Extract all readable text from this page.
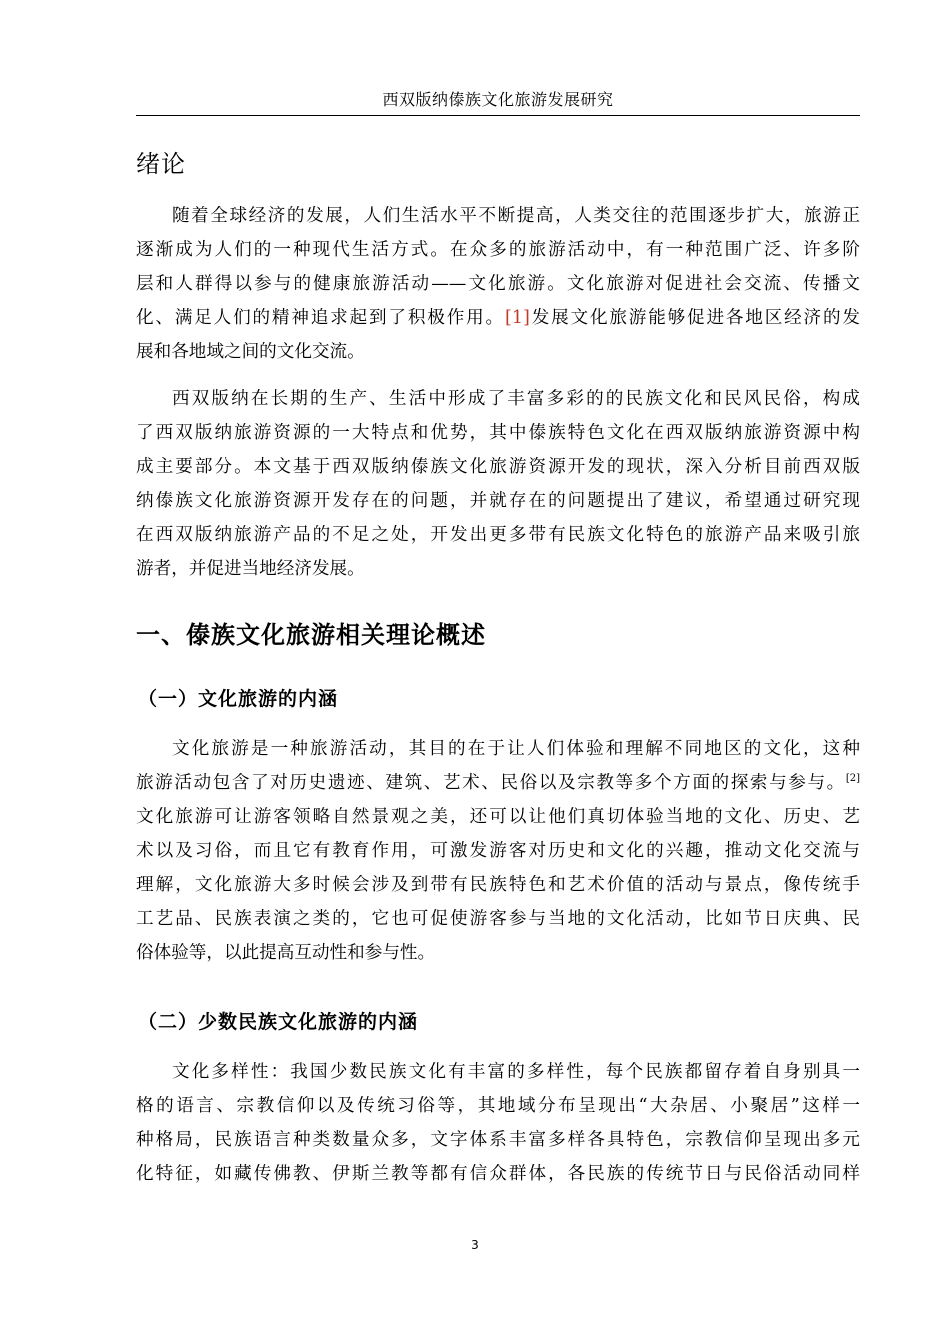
西双版纳傣族文化旅游发展研究
绪论
随着全球经济的发展，人们生活水平不断提高，人类交往的范围逐步扩大，旅游正
逐渐成为人们的一种现代生活方式。在众多的旅游活动中，有一种范围广泛、许多阶
层和人群得以参与的健康旅游活动——文化旅游。文化旅游对促进社会交流、传播文
化、满足人们的精神追求起到了积极作用。[1]发展文化旅游能够促进各地区经济的发
展和各地域之间的文化交流。
西双版纳在长期的生产、生活中形成了丰富多彩的的民族文化和民风民俗，构成
了西双版纳旅游资源的一大特点和优势，其中傣族特色文化在西双版纳旅游资源中构
成主要部分。本文基于西双版纳傣族文化旅游资源开发的现状，深入分析目前西双版
纳傣族文化旅游资源开发存在的问题，并就存在的问题提出了建议，希望通过研究现
在西双版纳旅游产品的不足之处，开发出更多带有民族文化特色的旅游产品来吸引旅
游者，并促进当地经济发展。
一、傣族文化旅游相关理论概述
（一）文化旅游的内涵
文化旅游是一种旅游活动，其目的在于让人们体验和理解不同地区的文化，这种
旅游活动包含了对历史遗迹、建筑、艺术、民俗以及宗教等多个方面的探索与参与。[2]
文化旅游可让游客领略自然景观之美，还可以让他们真切体验当地的文化、历史、艺
术以及习俗，而且它有教育作用，可激发游客对历史和文化的兴趣，推动文化交流与
理解，文化旅游大多时候会涉及到带有民族特色和艺术价值的活动与景点，像传统手
工艺品、民族表演之类的，它也可促使游客参与当地的文化活动，比如节日庆典、民
俗体验等，以此提高互动性和参与性。
（二）少数民族文化旅游的内涵
文化多样性：我国少数民族文化有丰富的多样性，每个民族都留存着自身别具一
格的语言、宗教信仰以及传统习俗等，其地域分布呈现出“大杂居、小聚居”这样一
种格局，民族语言种类数量众多，文字体系丰富多样各具特色，宗教信仰呈现出多元
化特征，如藏传佛教、伊斯兰教等都有信众群体，各民族的传统节日与民俗活动同样
3
